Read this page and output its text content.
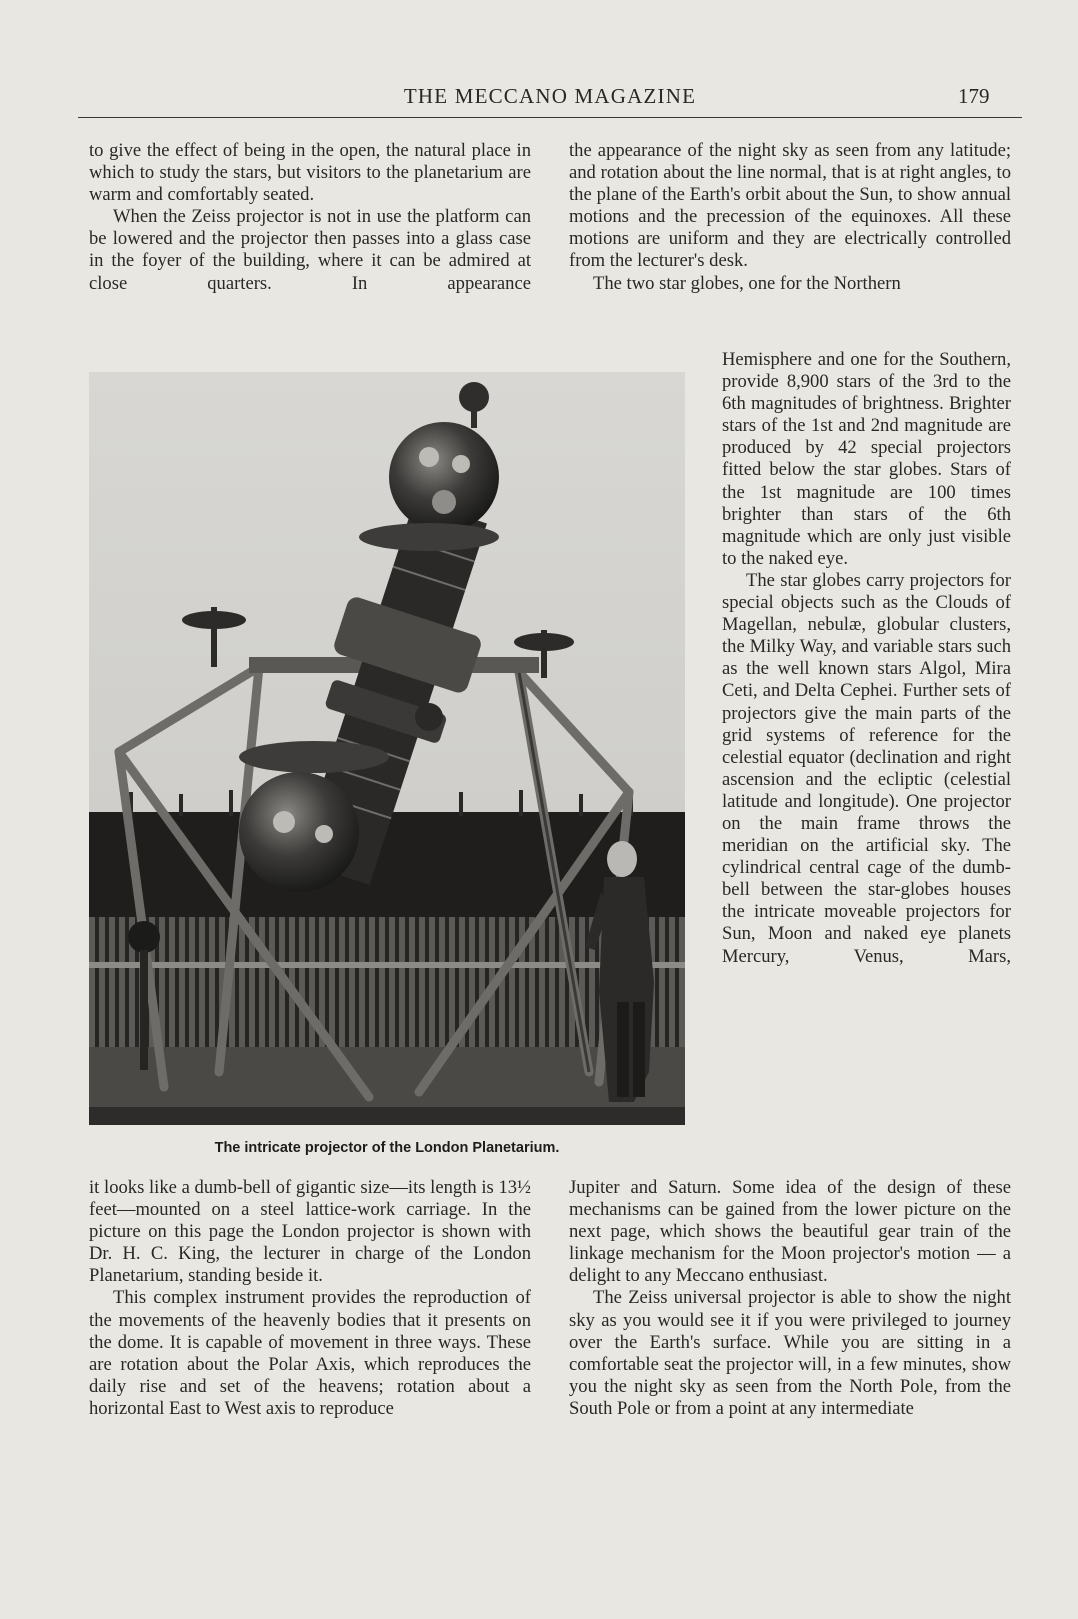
THE MECCANO MAGAZINE	179

to give the effect of being in the open, the natural place in which to study the stars, but visitors to the planetarium are warm and comfortably seated.

When the Zeiss projector is not in use the platform can be lowered and the projector then passes into a glass case in the foyer of the building, where it can be admired at close quarters. In appearance

The intricate projector of the London Planetarium.

it looks like a dumb-bell of gigantic size—its length is 13½ feet—mounted on a steel lattice-work carriage. In the picture on this page the London projector is shown with Dr. H. C. King, the lecturer in charge of the London Planetarium, standing beside it.

This complex instrument provides the reproduction of the movements of the heavenly bodies that it presents on the dome. It is capable of movement in three ways. These are rotation about the Polar Axis, which reproduces the daily rise and set of the heavens; rotation about a horizontal East to West axis to reproduce

the appearance of the night sky as seen from any latitude; and rotation about the line normal, that is at right angles, to the plane of the Earth's orbit about the Sun, to show annual motions and the precession of the equinoxes. All these motions are uniform and they are electrically controlled from the lecturer's desk.

The two star globes, one for the Northern

Hemisphere and one for the Southern, provide 8,900 stars of the 3rd to the 6th magnitudes of brightness. Brighter stars of the 1st and 2nd magnitude are produced by 42 special projectors fitted below the star globes. Stars of the 1st magnitude are 100 times brighter than stars of the 6th magnitude which are only just visible to the naked eye.

The star globes carry projectors for special objects such as the Clouds of Magellan, nebulæ, globular clusters, the Milky Way, and variable stars such as the well known stars Algol, Mira Ceti, and Delta Cephei. Further sets of projectors give the main parts of the grid systems of reference for the celestial equator (declination and right ascension and the ecliptic (celestial latitude and longitude). One projector on the main frame throws the meridian on the artificial sky. The cylindrical central cage of the dumb-bell between the star-globes houses the intricate moveable projectors for Sun, Moon and naked eye planets Mercury, Venus, Mars,

Jupiter and Saturn. Some idea of the design of these mechanisms can be gained from the lower picture on the next page, which shows the beautiful gear train of the linkage mechanism for the Moon projector's motion — a delight to any Meccano enthusiast.

The Zeiss universal projector is able to show the night sky as you would see it if you were privileged to journey over the Earth's surface. While you are sitting in a comfortable seat the projector will, in a few minutes, show you the night sky as seen from the North Pole, from the South Pole or from a point at any intermediate
